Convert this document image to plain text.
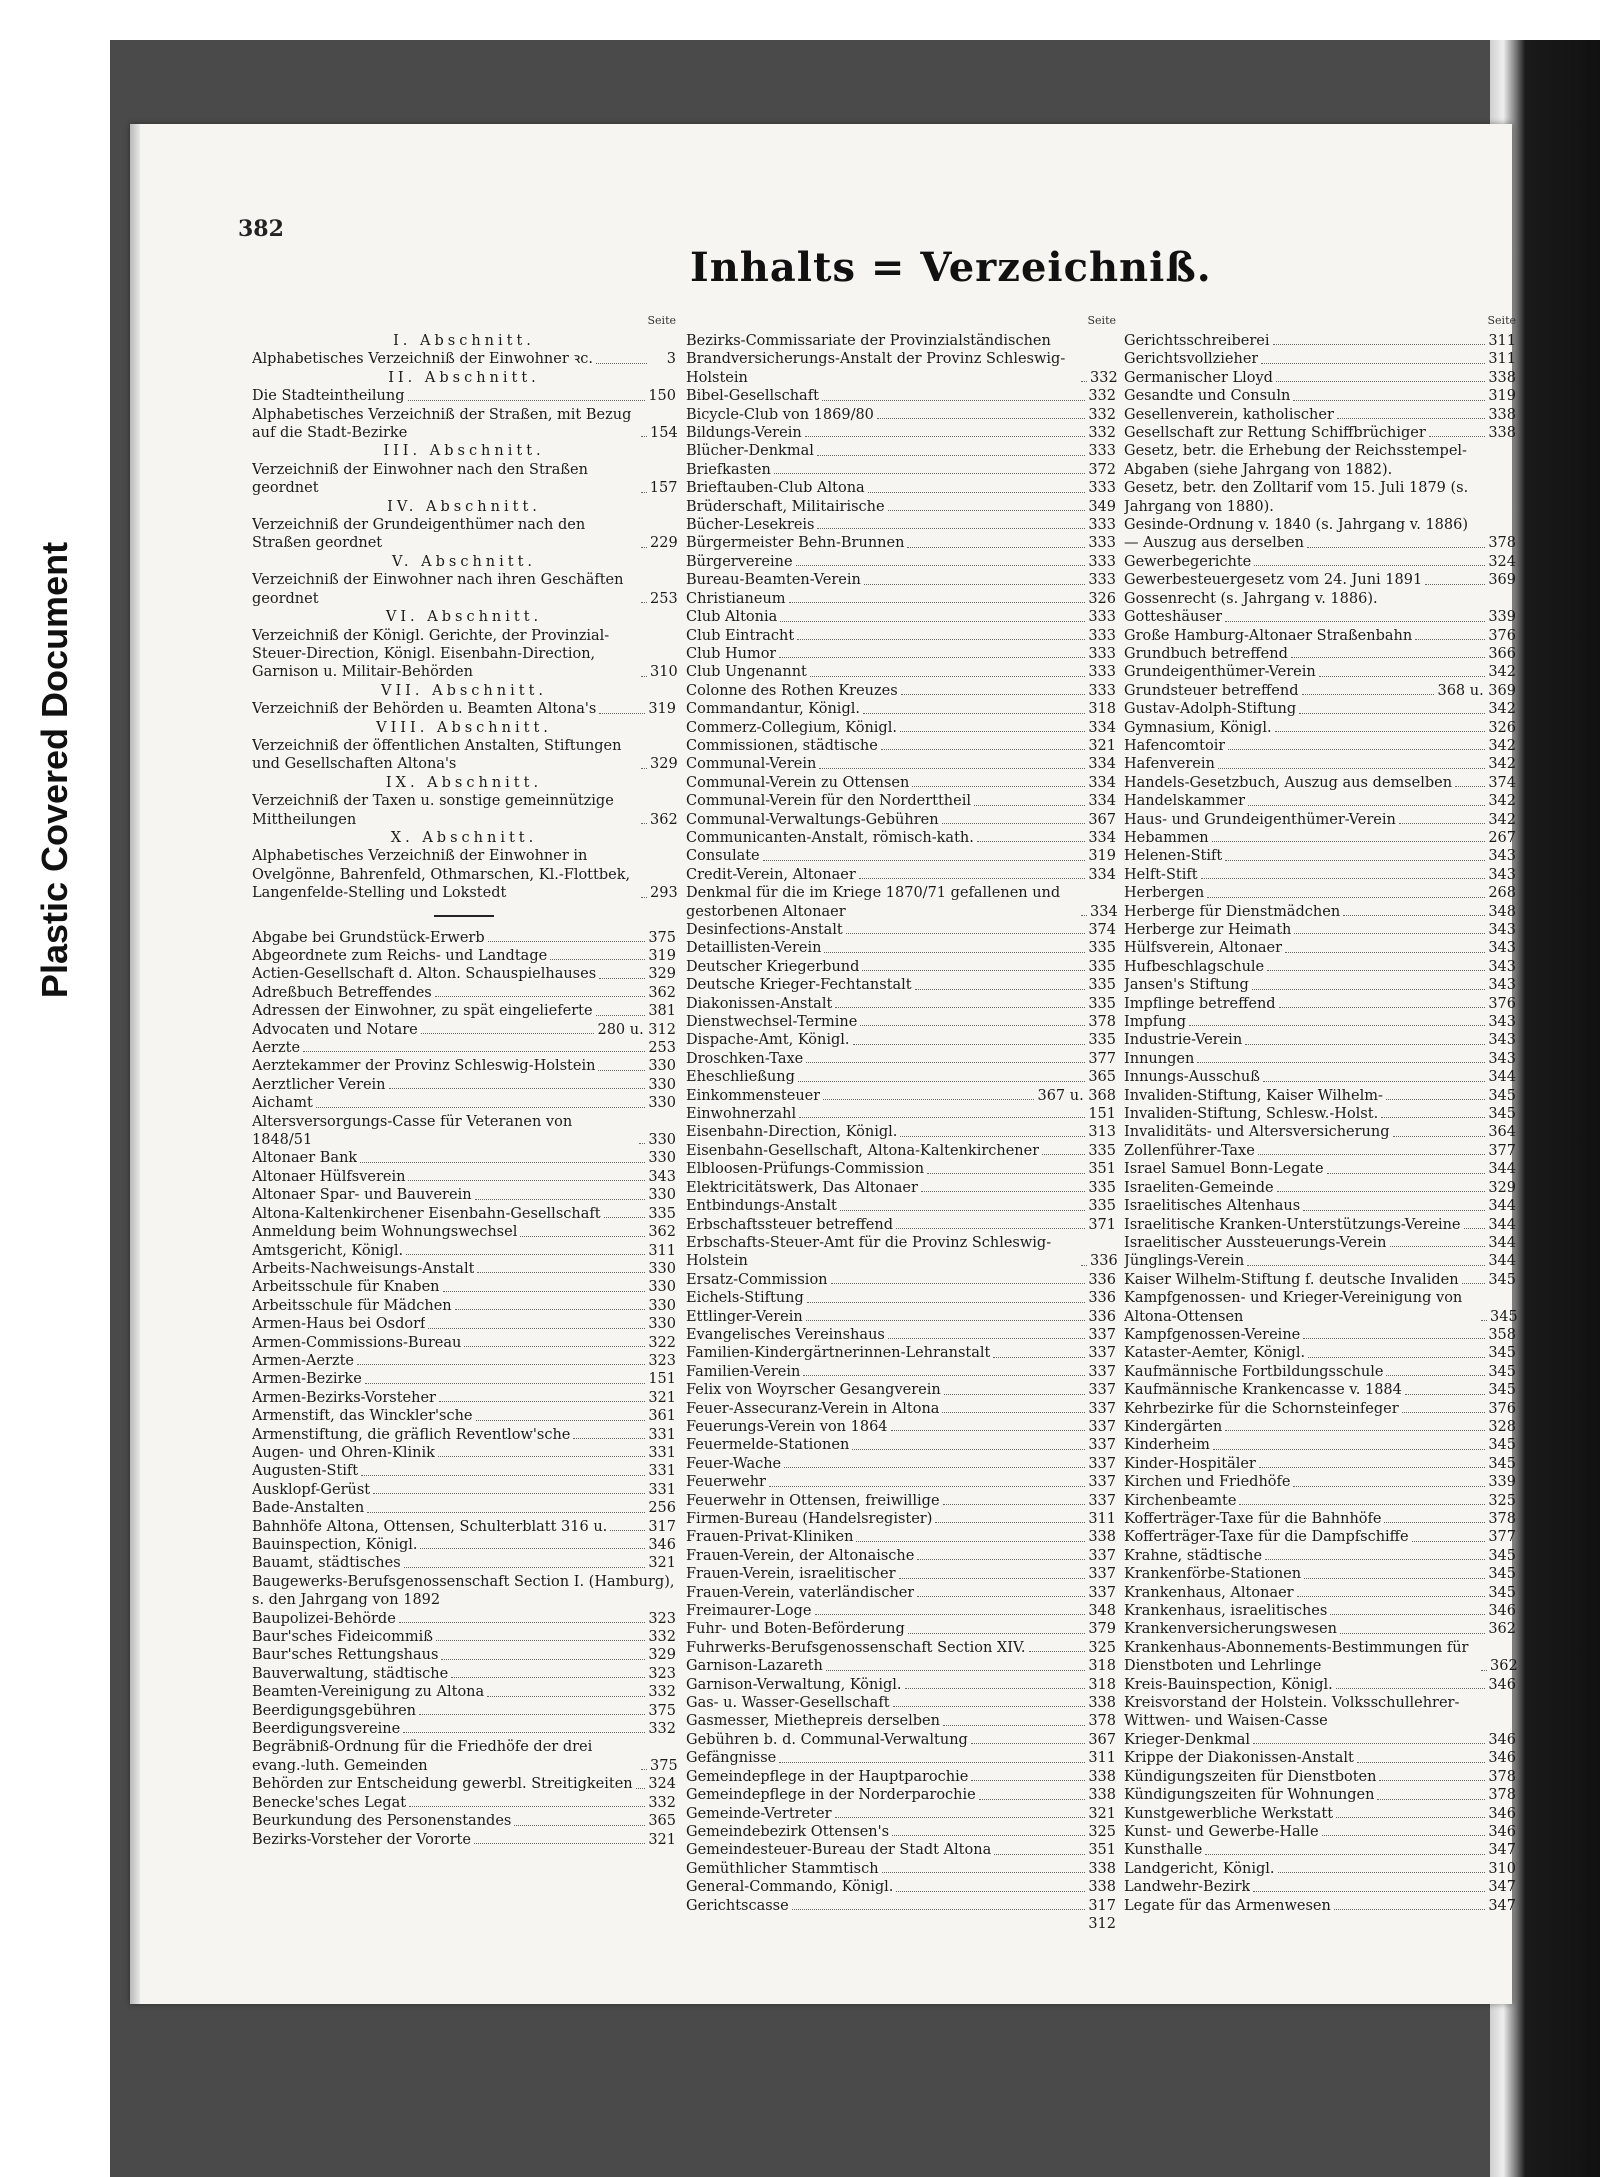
Plastic Covered Document
382
Inhalts = Verzeichniß.
Seite
I. Abschnitt.
Alphabetisches Verzeichniß der Einwohner ꝛc.	3
II. Abschnitt.
Die Stadteintheilung	150
Alphabetisches Verzeichniß der Straßen, mit Bezug auf die Stadt-Bezirke	154
III. Abschnitt.
Verzeichniß der Einwohner nach den Straßen geordnet	157
IV. Abschnitt.
Verzeichniß der Grundeigenthümer nach den Straßen geordnet	229
V. Abschnitt.
Verzeichniß der Einwohner nach ihren Geschäften geordnet	253
VI. Abschnitt.
Verzeichniß der Königl. Gerichte, der Provinzial-Steuer-Direction, Königl. Eisenbahn-Direction, Garnison u. Militair-Behörden	310
VII. Abschnitt.
Verzeichniß der Behörden u. Beamten Altona's	319
VIII. Abschnitt.
Verzeichniß der öffentlichen Anstalten, Stiftungen und Gesellschaften Altona's	329
IX. Abschnitt.
Verzeichniß der Taxen u. sonstige gemeinnützige Mittheilungen	362
X. Abschnitt.
Alphabetisches Verzeichniß der Einwohner in Ovelgönne, Bahrenfeld, Othmarschen, Kl.-Flottbek, Langenfelde-Stelling und Lokstedt	293
Abgabe bei Grundstück-Erwerb	375
Abgeordnete zum Reichs- und Landtage	319
Actien-Gesellschaft d. Alton. Schauspielhauses	329
Adreßbuch Betreffendes	362
Adressen der Einwohner, zu spät eingelieferte	381
Advocaten und Notare	280 u. 312
Aerzte	253
Aerztekammer der Provinz Schleswig-Holstein	330
Aerztlicher Verein	330
Aichamt	330
Altersversorgungs-Casse für Veteranen von 1848/51	330
Altonaer Bank	330
Altonaer Hülfsverein	343
Altonaer Spar- und Bauverein	330
Altona-Kaltenkirchener Eisenbahn-Gesellschaft	335
Anmeldung beim Wohnungswechsel	362
Amtsgericht, Königl.	311
Arbeits-Nachweisungs-Anstalt	330
Arbeitsschule für Knaben	330
Arbeitsschule für Mädchen	330
Armen-Haus bei Osdorf	330
Armen-Commissions-Bureau	322
Armen-Aerzte	323
Armen-Bezirke	151
Armen-Bezirks-Vorsteher	321
Armenstift, das Winckler'sche	361
Armenstiftung, die gräflich Reventlow'sche	331
Augen- und Ohren-Klinik	331
Augusten-Stift	331
Ausklopf-Gerüst	331
Bade-Anstalten	256
Bahnhöfe Altona, Ottensen, Schulterblatt 316 u.	317
Bauinspection, Königl.	346
Bauamt, städtisches	321
Baugewerks-Berufsgenossenschaft Section I. (Hamburg), s. den Jahrgang von 1892
Baupolizei-Behörde	323
Baur'sches Fideicommiß	332
Baur'sches Rettungshaus	329
Bauverwaltung, städtische	323
Beamten-Vereinigung zu Altona	332
Beerdigungsgebühren	375
Beerdigungsvereine	332
Begräbniß-Ordnung für die Friedhöfe der drei evang.-luth. Gemeinden	375
Behörden zur Entscheidung gewerbl. Streitigkeiten 324
Benecke'sches Legat	332
Beurkundung des Personenstandes	365
Bezirks-Vorsteher der Vororte	321
Seite
Bezirks-Commissariate der Provinzialständischen Brandversicherungs-Anstalt der Provinz Schleswig-Holstein	332
Bibel-Gesellschaft	332
Bicycle-Club von 1869/80	332
Bildungs-Verein	332
Blücher-Denkmal	333
Briefkasten	372
Brieftauben-Club Altona	333
Brüderschaft, Militairische	349
Bücher-Lesekreis	333
Bürgermeister Behn-Brunnen	333
Bürgervereine	333
Bureau-Beamten-Verein	333
Christianeum	326
Club Altonia	333
Club Eintracht	333
Club Humor	333
Club Ungenannt	333
Colonne des Rothen Kreuzes	333
Commandantur, Königl.	318
Commerz-Collegium, Königl.	334
Commissionen, städtische	321
Communal-Verein	334
Communal-Verein zu Ottensen	334
Communal-Verein für den Norderttheil	334
Communal-Verwaltungs-Gebühren	367
Communicanten-Anstalt, römisch-kath.	334
Consulate	319
Credit-Verein, Altonaer	334
Denkmal für die im Kriege 1870/71 gefallenen und gestorbenen Altonaer	334
Desinfections-Anstalt	374
Detaillisten-Verein	335
Deutscher Kriegerbund	335
Deutsche Krieger-Fechtanstalt	335
Diakonissen-Anstalt	335
Dienstwechsel-Termine	378
Dispache-Amt, Königl.	335
Droschken-Taxe	377
Eheschließung	365
Einkommensteuer	367 u. 368
Einwohnerzahl	151
Eisenbahn-Direction, Königl.	313
Eisenbahn-Gesellschaft, Altona-Kaltenkirchener	335
Elbloosen-Prüfungs-Commission	351
Elektricitätswerk, Das Altonaer	335
Entbindungs-Anstalt	335
Erbschaftssteuer betreffend	371
Erbschafts-Steuer-Amt für die Provinz Schleswig-Holstein	336
Ersatz-Commission	336
Eichels-Stiftung	336
Ettlinger-Verein	336
Evangelisches Vereinshaus	337
Familien-Kindergärtnerinnen-Lehranstalt	337
Familien-Verein	337
Felix von Woyrscher Gesangverein	337
Feuer-Assecuranz-Verein in Altona	337
Feuerungs-Verein von 1864	337
Feuermelde-Stationen	337
Feuer-Wache	337
Feuerwehr	337
Feuerwehr in Ottensen, freiwillige	337
Firmen-Bureau (Handelsregister)	311
Frauen-Privat-Kliniken	338
Frauen-Verein, der Altonaische	337
Frauen-Verein, israelitischer	337
Frauen-Verein, vaterländischer	337
Freimaurer-Loge	348
Fuhr- und Boten-Beförderung	379
Fuhrwerks-Berufsgenossenschaft Section XIV.	325
Garnison-Lazareth	318
Garnison-Verwaltung, Königl.	318
Gas- u. Wasser-Gesellschaft	338
Gasmesser, Miethepreis derselben	378
Gebühren b. d. Communal-Verwaltung	367
Gefängnisse	311
Gemeindepflege in der Hauptparochie	338
Gemeindepflege in der Norderparochie	338
Gemeinde-Vertreter	321
Gemeindebezirk Ottensen's	325
Gemeindesteuer-Bureau der Stadt Altona	351
Gemüthlicher Stammtisch	338
General-Commando, Königl.	338
Gerichtscasse	317
312
Seite
Gerichtsschreiberei	311
Gerichtsvollzieher	311
Germanischer Lloyd	338
Gesandte und Consuln	319
Gesellenverein, katholischer	338
Gesellschaft zur Rettung Schiffbrüchiger	338
Gesetz, betr. die Erhebung der Reichsstempel-Abgaben (siehe Jahrgang von 1882).
Gesetz, betr. den Zolltarif vom 15. Juli 1879 (s. Jahrgang von 1880).
Gesinde-Ordnung v. 1840 (s. Jahrgang v. 1886)
— Auszug aus derselben	378
Gewerbegerichte	324
Gewerbesteuergesetz vom 24. Juni 1891	369
Gossenrecht (s. Jahrgang v. 1886).
Gotteshäuser	339
Große Hamburg-Altonaer Straßenbahn	376
Grundbuch betreffend	366
Grundeigenthümer-Verein	342
Grundsteuer betreffend	368 u. 369
Gustav-Adolph-Stiftung	342
Gymnasium, Königl.	326
Hafencomtoir	342
Hafenverein	342
Handels-Gesetzbuch, Auszug aus demselben	374
Handelskammer	342
Haus- und Grundeigenthümer-Verein	342
Hebammen	267
Helenen-Stift	343
Helft-Stift	343
Herbergen	268
Herberge für Dienstmädchen	348
Herberge zur Heimath	343
Hülfsverein, Altonaer	343
Hufbeschlagschule	343
Jansen's Stiftung	343
Impflinge betreffend	376
Impfung	343
Industrie-Verein	343
Innungen	343
Innungs-Ausschuß	344
Invaliden-Stiftung, Kaiser Wilhelm-	345
Invaliden-Stiftung, Schlesw.-Holst.	345
Invaliditäts- und Altersversicherung	364
Zollenführer-Taxe	377
Israel Samuel Bonn-Legate	344
Israeliten-Gemeinde	329
Israelitisches Altenhaus	344
Israelitische Kranken-Unterstützungs-Vereine 344
Israelitischer Aussteuerungs-Verein	344
Jünglings-Verein	344
Kaiser Wilhelm-Stiftung f. deutsche Invaliden 345
Kampfgenossen- und Krieger-Vereinigung von Altona-Ottensen	345
Kampfgenossen-Vereine	358
Kataster-Aemter, Königl.	345
Kaufmännische Fortbildungsschule	345
Kaufmännische Krankencasse v. 1884	345
Kehrbezirke für die Schornsteinfeger	376
Kindergärten	328
Kinderheim	345
Kinder-Hospitäler	345
Kirchen und Friedhöfe	339
Kirchenbeamte	325
Kofferträger-Taxe für die Bahnhöfe	378
Kofferträger-Taxe für die Dampfschiffe	377
Krahne, städtische	345
Krankenförbe-Stationen	345
Krankenhaus, Altonaer	345
Krankenhaus, israelitisches	346
Krankenversicherungswesen	362
Krankenhaus-Abonnements-Bestimmungen für Dienstboten und Lehrlinge	362
Kreis-Bauinspection, Königl.	346
Kreisvorstand der Holstein. Volksschullehrer-Wittwen- und Waisen-Casse
Krieger-Denkmal	346
Krippe der Diakonissen-Anstalt	346
Kündigungszeiten für Dienstboten	378
Kündigungszeiten für Wohnungen	378
Kunstgewerbliche Werkstatt	346
Kunst- und Gewerbe-Halle	346
Kunsthalle	347
Landgericht, Königl.	310
Landwehr-Bezirk	347
Legate für das Armenwesen	347
